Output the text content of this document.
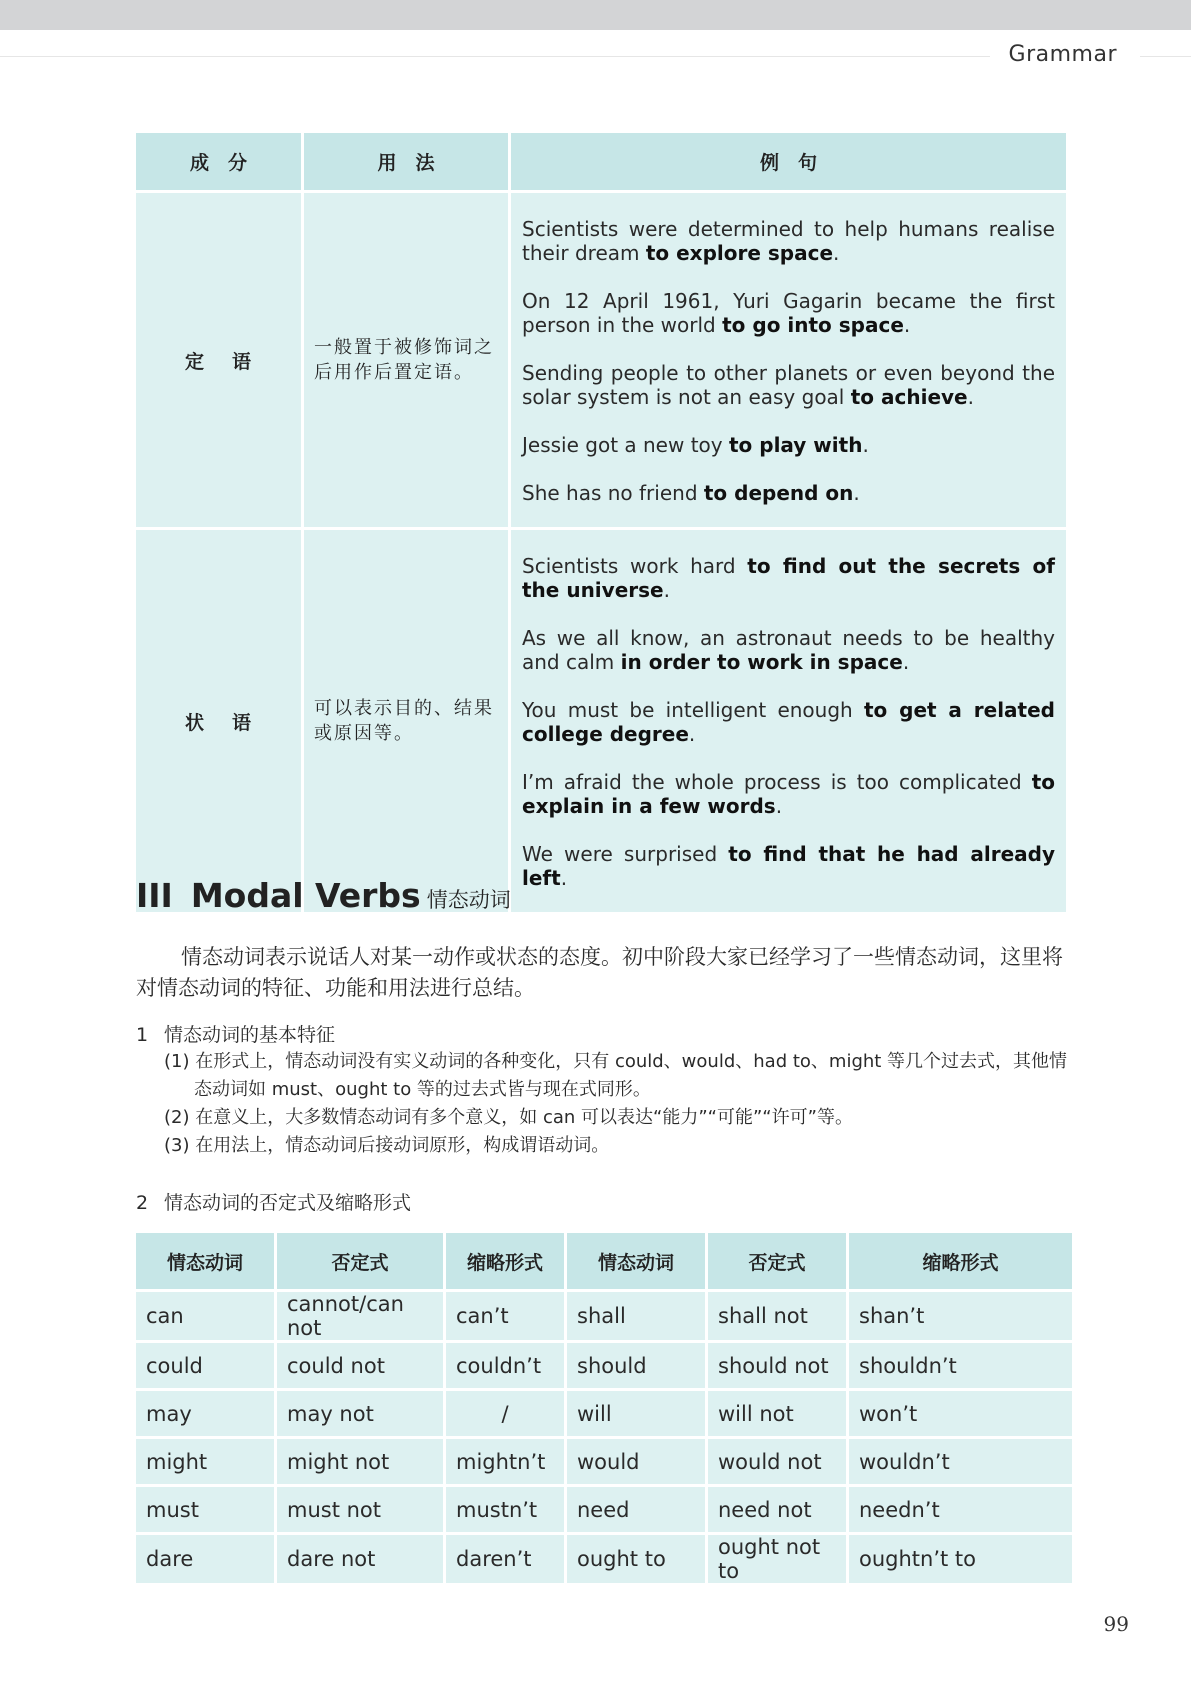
Grammar
成　分	用　法	例　句
定语	一般置于被修饰词之后用作后置定语。	Scientists were determined to help humans realise their dream to explore space.

On 12 April 1961, Yuri Gagarin became the first person in the world to go into space.

Sending people to other planets or even beyond the solar system is not an easy goal to achieve.

Jessie got a new toy to play with.

She has no friend to depend on.

状语	可以表示目的、结果或原因等。	Scientists work hard to find out the secrets of the universe.

As we all know, an astronaut needs to be healthy and calm in order to work in space.

You must be intelligent enough to get a related college degree.

I’m afraid the whole process is too complicated to explain in a few words.

We were surprised to find that he had already left.

III Modal Verbs 情态动词
情态动词表示说话人对某一动作或状态的态度。初中阶段大家已经学习了一些情态动词，这里将对情态动词的特征、功能和用法进行总结。
1 情态动词的基本特征
(1) 在形式上，情态动词没有实义动词的各种变化，只有 could、would、had to、might 等几个过去式，其他情态动词如 must、ought to 等的过去式皆与现在式同形。
(2) 在意义上，大多数情态动词有多个意义，如 can 可以表达“能力”“可能”“许可”等。
(3) 在用法上，情态动词后接动词原形，构成谓语动词。
2 情态动词的否定式及缩略形式
情态动词	否定式	缩略形式	情态动词	否定式	缩略形式
can	cannot/can not	can’t	shall	shall not	shan’t
could	could not	couldn’t	should	should not	shouldn’t
may	may not	/	will	will not	won’t
might	might not	mightn’t	would	would not	wouldn’t
must	must not	mustn’t	need	need not	needn’t
dare	dare not	daren’t	ought to	ought not to	oughtn’t to
99
